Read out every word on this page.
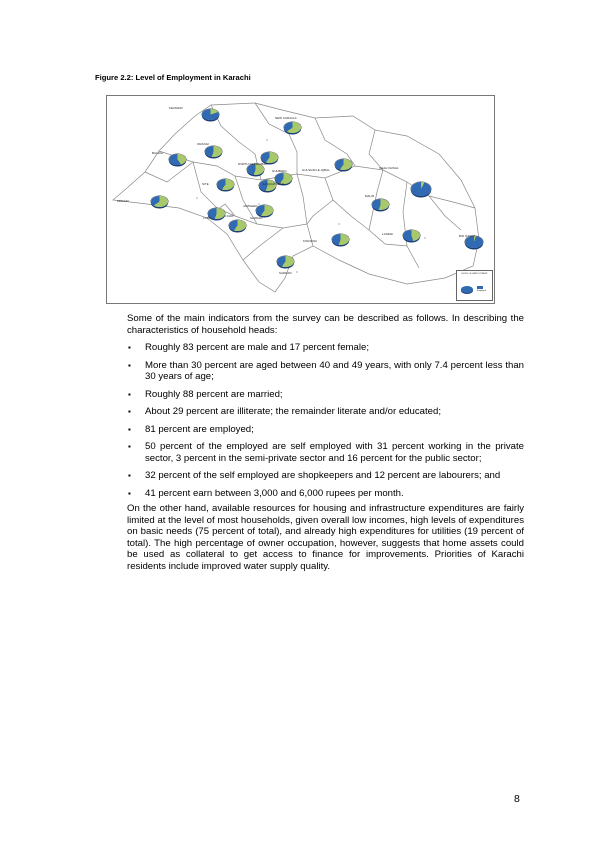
Figure 2.2: Level of Employment in Karachi
KEAMARI
NEW KARACHI
ORANGI
BALDIA
NORTH NAZIMABAD
GULBERG	GULSHAN-E-IQBAL	SHAH FAISAL
LIAQUATABAD
SITE
JAMSHED
LYARI	SADDAR
KORANGI
LANDHI
MALIR
BIN QASIM
KEMARI
LYARI
SADDAR	LEVEL OF EMPLOYMENT
Employed

Some of the main indicators from the survey can be described as follows. In describing the characteristics of household heads:

▪ Roughly 83 percent are male and 17 percent female;
▪ More than 30 percent are aged between 40 and 49 years, with only 7.4 percent less than 30 years of age;
▪ Roughly 88 percent are married;
▪ About 29 percent are illiterate; the remainder literate and/or educated;
▪ 81 percent are employed;
▪ 50 percent of the employed are self employed with 31 percent working in the private sector, 3 percent in the semi-private sector and 16 percent for the public sector;
▪ 32 percent of the self employed are shopkeepers and 12 percent are labourers; and
▪ 41 percent earn between 3,000 and 6,000 rupees per month.

On the other hand, available resources for housing and infrastructure expenditures are fairly limited at the level of most households, given overall low incomes, high levels of expenditures on basic needs (75 percent of total), and already high expenditures for utilities (19 percent of total). The high percentage of owner occupation, however, suggests that home assets could be used as collateral to get access to finance for improvements. Priorities of Karachi residents include improved water supply quality.

8
